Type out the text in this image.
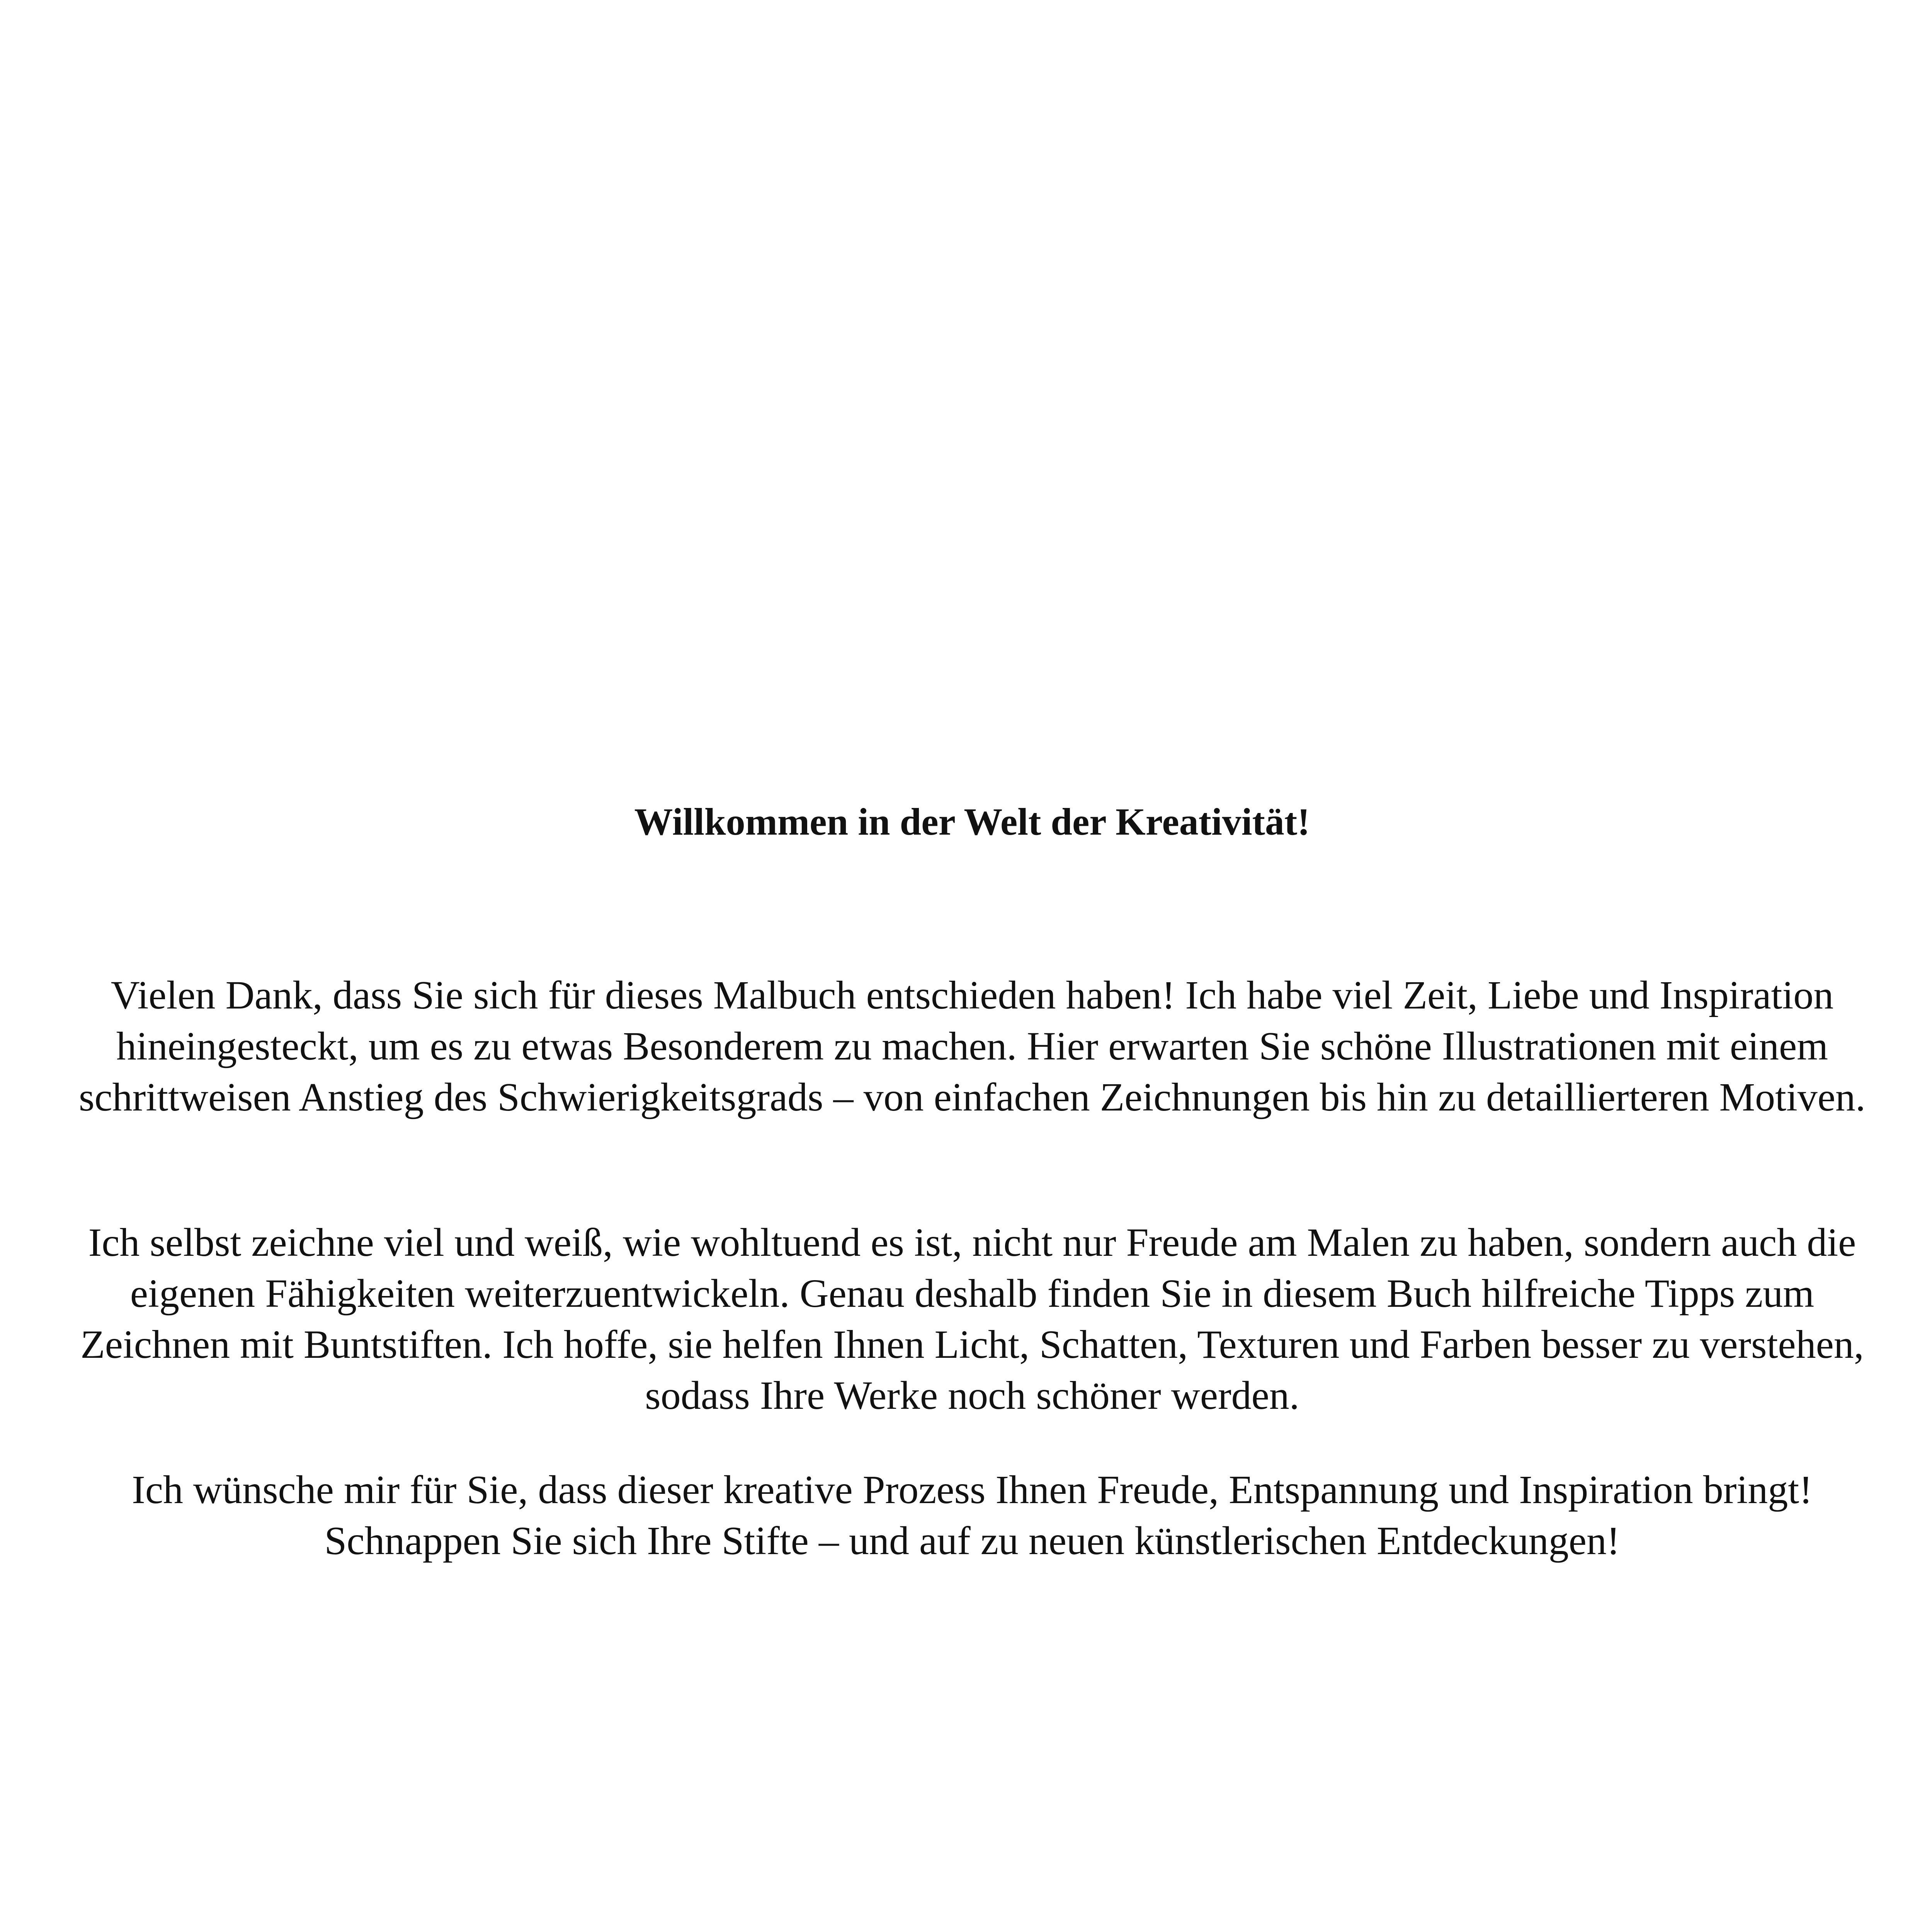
Willkommen in der Welt der Kreativität!

Vielen Dank, dass Sie sich für dieses Malbuch entschieden haben! Ich habe viel Zeit, Liebe und Inspiration hineingesteckt, um es zu etwas Besonderem zu machen. Hier erwarten Sie schöne Illustrationen mit einem schrittweisen Anstieg des Schwierigkeitsgrads – von einfachen Zeichnungen bis hin zu detaillierteren Motiven.

Ich selbst zeichne viel und weiß, wie wohltuend es ist, nicht nur Freude am Malen zu haben, sondern auch die eigenen Fähigkeiten weiterzuentwickeln. Genau deshalb finden Sie in diesem Buch hilfreiche Tipps zum Zeichnen mit Buntstiften. Ich hoffe, sie helfen Ihnen Licht, Schatten, Texturen und Farben besser zu verstehen, sodass Ihre Werke noch schöner werden.

Ich wünsche mir für Sie, dass dieser kreative Prozess Ihnen Freude, Entspannung und Inspiration bringt! Schnappen Sie sich Ihre Stifte – und auf zu neuen künstlerischen Entdeckungen!
